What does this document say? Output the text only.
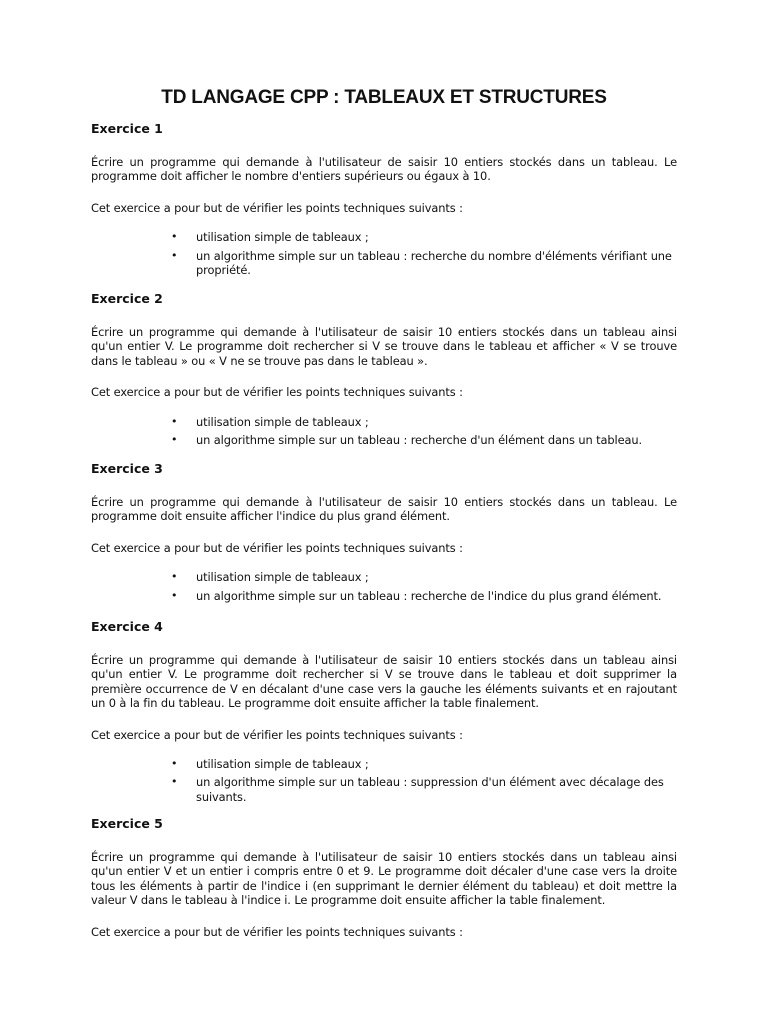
TD LANGAGE CPP : TABLEAUX ET STRUCTURES
Exercice 1

Écrire un programme qui demande à l'utilisateur de saisir 10 entiers stockés dans un tableau. Le programme doit afficher le nombre d'entiers supérieurs ou égaux à 10.

Cet exercice a pour but de vérifier les points techniques suivants :

• utilisation simple de tableaux ;
• un algorithme simple sur un tableau : recherche du nombre d'éléments vérifiant une propriété.
Exercice 2

Écrire un programme qui demande à l'utilisateur de saisir 10 entiers stockés dans un tableau ainsi qu'un entier V. Le programme doit rechercher si V se trouve dans le tableau et afficher « V se trouve dans le tableau » ou « V ne se trouve pas dans le tableau ».

Cet exercice a pour but de vérifier les points techniques suivants :

• utilisation simple de tableaux ;
• un algorithme simple sur un tableau : recherche d'un élément dans un tableau.
Exercice 3

Écrire un programme qui demande à l'utilisateur de saisir 10 entiers stockés dans un tableau. Le programme doit ensuite afficher l'indice du plus grand élément.

Cet exercice a pour but de vérifier les points techniques suivants :

• utilisation simple de tableaux ;
• un algorithme simple sur un tableau : recherche de l'indice du plus grand élément.
Exercice 4

Écrire un programme qui demande à l'utilisateur de saisir 10 entiers stockés dans un tableau ainsi qu'un entier V. Le programme doit rechercher si V se trouve dans le tableau et doit supprimer la première occurrence de V en décalant d'une case vers la gauche les éléments suivants et en rajoutant un 0 à la fin du tableau. Le programme doit ensuite afficher la table finalement.

Cet exercice a pour but de vérifier les points techniques suivants :

• utilisation simple de tableaux ;
• un algorithme simple sur un tableau : suppression d'un élément avec décalage des suivants.
Exercice 5

Écrire un programme qui demande à l'utilisateur de saisir 10 entiers stockés dans un tableau ainsi qu'un entier V et un entier i compris entre 0 et 9. Le programme doit décaler d'une case vers la droite tous les éléments à partir de l'indice i (en supprimant le dernier élément du tableau) et doit mettre la valeur V dans le tableau à l'indice i. Le programme doit ensuite afficher la table finalement.

Cet exercice a pour but de vérifier les points techniques suivants :
